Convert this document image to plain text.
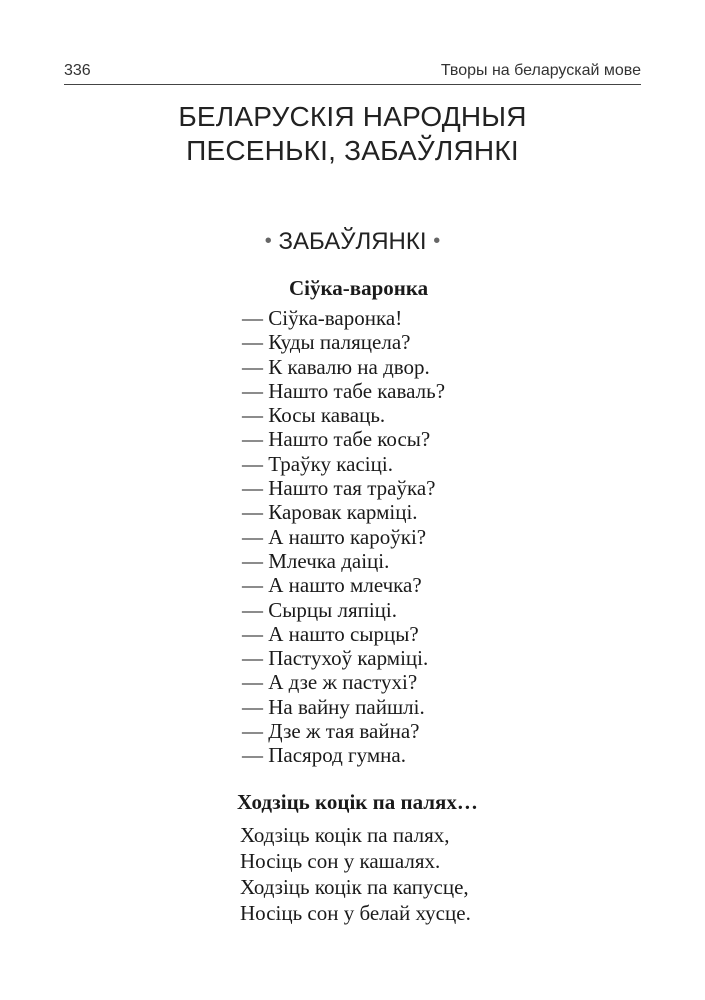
336	Творы на беларускай мове
БЕЛАРУСКІЯ НАРОДНЫЯ
ПЕСЕНЬКІ, ЗАБАЎЛЯНКІ
• ЗАБАЎЛЯНКІ •
Сіўка-варонка
— Сіўка-варонка!
— Куды паляцела?
— К кавалю на двор.
— Нашто табе каваль?
— Косы каваць.
— Нашто табе косы?
— Траўку касіці.
— Нашто тая траўка?
— Каровак карміці.
— А нашто кароўкі?
— Млечка даіці.
— А нашто млечка?
— Сырцы ляпіці.
— А нашто сырцы?
— Пастухоў карміці.
— А дзе ж пастухі?
— На вайну пайшлі.
— Дзе ж тая вайна?
— Пасярод гумна.
Ходзіць коцік па палях…
Ходзіць коцік па палях,
Носіць сон у кашалях.
Ходзіць коцік па капусце,
Носіць сон у белай хусце.
